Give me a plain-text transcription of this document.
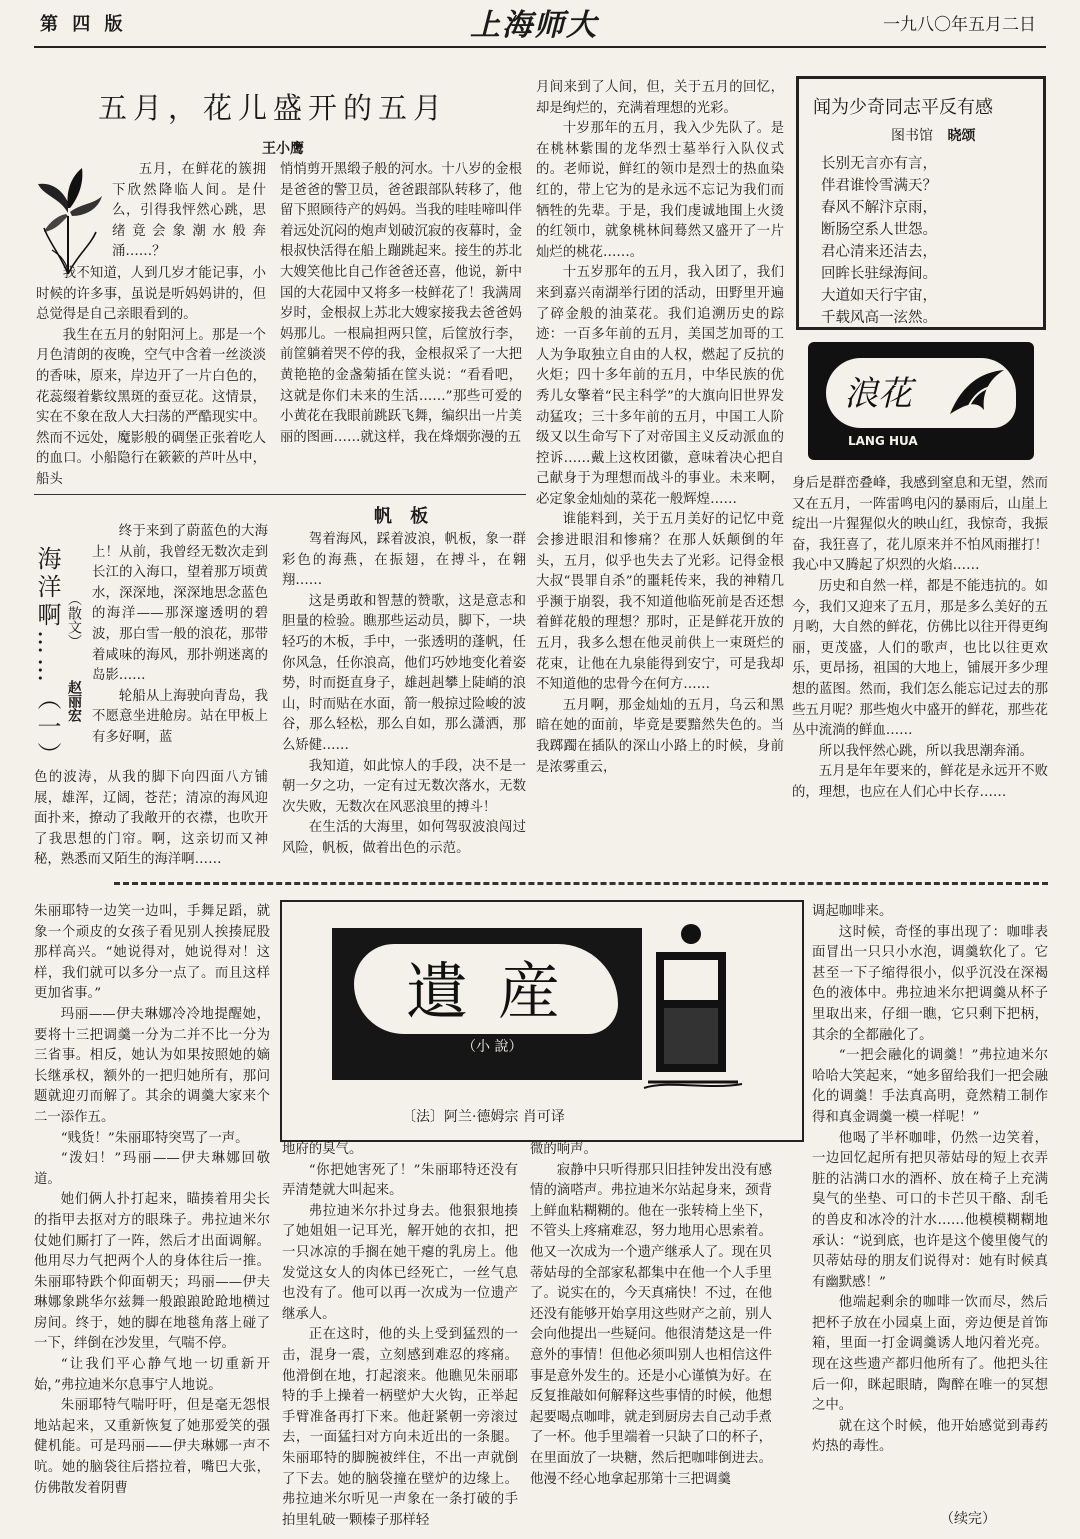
第 四 版	上海师大	一九八〇年五月二日
五月，花儿盛开的五月
王小鹰

五月，在鲜花的簇拥下欣然降临人间。是什么，引得我怦然心跳，思绪竟会象潮水般奔涌……？

我不知道，人到几岁才能记事，小时候的许多事，虽说是听妈妈讲的，但总觉得是自己亲眼看到的。

我生在五月的射阳河上。那是一个月色清朗的夜晚，空气中含着一丝淡淡的香味，原来，岸边开了一片白色的，花蕊缀着紫纹黑斑的蚕豆花。这情景，实在不象在敌人大扫荡的严酷现实中。然而不远处，魔影般的碉堡正张着吃人的血口。小船隐行在簌簌的芦叶丛中，船头

悄悄剪开黑缎子般的河水。十八岁的金根是爸爸的警卫员，爸爸跟部队转移了，他留下照顾待产的妈妈。当我的哇哇啼叫伴着远处沉闷的炮声划破沉寂的夜幕时，金根叔快活得在船上蹦跳起来。接生的苏北大嫂笑他比自己作爸爸还喜，他说，新中国的大花园中又将多一枝鲜花了！我满周岁时，金根叔上苏北大嫂家接我去爸爸妈妈那儿。一根扁担两只筐，后筐放行李，前筐躺着哭不停的我，金根叔采了一大把黄艳艳的金盏菊插在筐头说：“看看吧，这就是你们未来的生活……”那些可爱的小黄花在我眼前跳跃飞舞，编织出一片美丽的图画……就这样，我在烽烟弥漫的五

月间来到了人间，但，关于五月的回忆，却是绚烂的，充满着理想的光彩。

十岁那年的五月，我入少先队了。是在桃林紫围的龙华烈士墓举行入队仪式的。老师说，鲜红的领巾是烈士的热血染红的，带上它为的是永远不忘记为我们而牺牲的先辈。于是，我们虔诚地围上火烫的红领巾，就象桃林间蓦然又盛开了一片灿烂的桃花……。

十五岁那年的五月，我入团了，我们来到嘉兴南湖举行团的活动，田野里开遍了碎金般的油菜花。我们追溯历史的踪迹：一百多年前的五月，美国芝加哥的工人为争取独立自由的人权，燃起了反抗的火炬；四十多年前的五月，中华民族的优秀儿女擎着“民主科学”的大旗向旧世界发动猛攻；三十多年前的五月，中国工人阶级又以生命写下了对帝国主义反动派血的控诉……戴上这枚团徽，意味着决心把自己献身于为理想而战斗的事业。未来啊，必定象金灿灿的菜花一般辉煌……

谁能料到，关于五月美好的记忆中竟会掺进眼泪和惨痛？在那人妖颠倒的年头，五月，似乎也失去了光彩。记得金根大叔“畏罪自杀”的噩耗传来，我的神精几乎濒于崩裂，我不知道他临死前是否还想着鲜花般的理想？那时，正是鲜花开放的五月，我多么想在他灵前供上一束斑烂的花束，让他在九泉能得到安宁，可是我却不知道他的忠骨今在何方……

五月啊，那金灿灿的五月，乌云和黑暗在她的面前，毕竟是要黯然失色的。当我踯躅在插队的深山小路上的时候，身前是浓雾重云，

身后是群峦叠峰，我感到窒息和无望，然而又在五月，一阵雷鸣电闪的暴雨后，山崖上绽出一片猩猩似火的映山红，我惊奇，我振奋，我狂喜了，花儿原来并不怕风雨摧打！我心中又腾起了炽烈的火焰……

历史和自然一样，都是不能违抗的。如今，我们又迎来了五月，那是多么美好的五月哟，大自然的鲜花，仿佛比以往开得更绚丽，更茂盛，人们的歌声，也比以往更欢乐，更昂扬，祖国的大地上，铺展开多少理想的蓝图。然而，我们怎么能忘记过去的那些五月呢？那些炮火中盛开的鲜花，那些花丛中流淌的鲜血……

所以我怦然心跳，所以我思潮奔涌。

五月是年年要来的，鲜花是永远开不败的，理想，也应在人们心中长存……

闻为少奇同志平反有感
图书馆 晓颂
长别无言亦有言，
伴君谁怜雪满天？
春风不解汴京雨，
断肠空系人世怨。
君心清来还洁去，
回眸长驻绿海间。
大道如天行宇宙，
千载风高一泫然。
浪花
LANG HUA
海洋啊……（一） （散文）
赵丽宏

终于来到了蔚蓝色的大海上！从前，我曾经无数次走到长江的入海口，望着那万顷黄水，深深地，深深地思念蓝色的海洋——那深邃透明的碧波，那白雪一般的浪花，那带着咸味的海风，那扑朔迷离的岛影……

轮船从上海驶向青岛，我不愿意坐进舱房。站在甲板上有多好啊，蓝

色的波涛，从我的脚下向四面八方铺展，雄浑，辽阔，苍茫；清凉的海风迎面扑来，撩动了我敞开的衣襟，也吹开了我思想的门帘。啊，这亲切而又神秘，熟悉而又陌生的海洋啊……

帆 板

驾着海风，踩着波浪，帆板，象一群彩色的海燕，在振翅，在搏斗，在翱翔……

这是勇敢和智慧的赞歌，这是意志和胆量的检验。瞧那些运动员，脚下，一块轻巧的木板，手中，一张透明的蓬帆，任你风急，任你浪高，他们巧妙地变化着姿势，时而挺直身子，雄赳赳攀上陡峭的浪山，时而贴在水面，箭一般掠过险峻的波谷，那么轻松，那么自如，那么潇洒，那么矫健……

我知道，如此惊人的手段，决不是一朝一夕之功，一定有过无数次落水，无数次失败，无数次在风恶浪里的搏斗！

在生活的大海里，如何驾驭波浪闯过风险，帆板，做着出色的示范。

遺産
（小 說）
〔法〕阿兰·德姆宗 肖可译

朱丽耶特一边笑一边叫，手舞足蹈，就象一个顽皮的女孩子看见别人挨揍屁股那样高兴。“她说得对，她说得对！这样，我们就可以多分一点了。而且这样更加省事。”

玛丽——伊夫琳娜冷冷地提醒她，要将十三把调羹一分为二并不比一分为三省事。相反，她认为如果按照她的嫡长继承权，额外的一把归她所有，那问题就迎刃而解了。其余的调羹大家来个二一添作五。

“贱货！”朱丽耶特突骂了一声。

“泼妇！”玛丽——伊夫琳娜回敬道。

她们俩人扑打起来，瞄揍着用尖长的指甲去抠对方的眼珠子。弗拉迪米尔仗她们厮打了一阵，然后才出面调解。他用尽力气把两个人的身体往后一推。朱丽耶特跌个仰面朝天；玛丽——伊夫琳娜象跳华尔兹舞一般踉踉跄跄地横过房间。终于，她的脚在地毯角落上碰了一下，绊倒在沙发里，气喘不停。

“让我们平心静气地一切重新开始，”弗拉迪米尔息事宁人地说。

朱丽耶特气喘吁吁，但是毫无怨恨地站起来，又重新恢复了她那爱笑的强健机能。可是玛丽——伊夫琳娜一声不吭。她的脑袋往后搭拉着，嘴巴大张，仿佛散发着阴曹

地府的臭气。

“你把她害死了！”朱丽耶特还没有弄清楚就大叫起来。

弗拉迪米尔扑过身去。他狠狠地揍了她姐姐一记耳光，解开她的衣扣，把一只冰凉的手搁在她干瘪的乳房上。他发觉这女人的肉体已经死亡，一丝气息也没有了。他可以再一次成为一位遗产继承人。

正在这时，他的头上受到猛烈的一击，混身一震，立刻感到难忍的疼痛。他滑倒在地，打起滚来。他瞧见朱丽耶特的手上操着一柄壁炉大火钩，正举起手臂准备再打下来。他赶紧朝一旁滚过去，一面猛扫对方向未近出的一条腿。朱丽耶特的脚腕被绊住，不出一声就倒了下去。她的脑袋撞在壁炉的边缘上。弗拉迪米尔听见一声象在一条打破的手拍里轧破一颗榛子那样轻

微的响声。

寂静中只听得那只旧挂钟发出没有感情的滴嗒声。弗拉迪米尔站起身来，颈背上鲜血粘糊糊的。他在一张转椅上坐下，不管头上疼痛难忍，努力地用心思索着。他又一次成为一个遗产继承人了。现在贝蒂姑母的全部家私都集中在他一个人手里了。说实在的，今天真痛快！不过，在他还没有能够开始享用这些财产之前，别人会向他提出一些疑问。他很清楚这是一件意外的事情！但他必须叫别人也相信这件事是意外发生的。还是小心谨慎为好。在反复推敲如何解释这些事情的时候，他想起要喝点咖啡，就走到厨房去自己动手煮了一杯。他手里端着一只缺了口的杯子，在里面放了一块糖，然后把咖啡倒进去。他漫不经心地拿起那第十三把调羹

调起咖啡来。

这时候，奇怪的事出现了：咖啡表面冒出一只只小水泡，调羹软化了。它甚至一下子缩得很小，似乎沉没在深褐色的液体中。弗拉迪米尔把调羹从杯子里取出来，仔细一瞧，它只剩下把柄，其余的全都融化了。

“一把会融化的调羹！”弗拉迪米尔哈哈大笑起来，“她多留给我们一把会融化的调羹！手法真高明，竟然精工制作得和真金调羹一模一样呢！”

他喝了半杯咖啡，仍然一边笑着，一边回忆起所有把贝蒂姑母的短上衣弄脏的沾满口水的酒杯、放在椅子上充满臭气的坐垫、可口的卡芒贝干酪、刮毛的兽皮和冰冷的汁水……他模模糊糊地承认：“说到底，也许是这个傻里傻气的贝蒂姑母的朋友们说得对：她有时候真有幽默感！”

他端起剩余的咖啡一饮而尽，然后把杯子放在小园桌上面，旁边便是首饰箱，里面一打金调羹诱人地闪着光亮。现在这些遗产都归他所有了。他把头往后一仰，眯起眼睛，陶醉在唯一的冥想之中。

就在这个时候，他开始感觉到毒药灼热的毒性。

（续完）
